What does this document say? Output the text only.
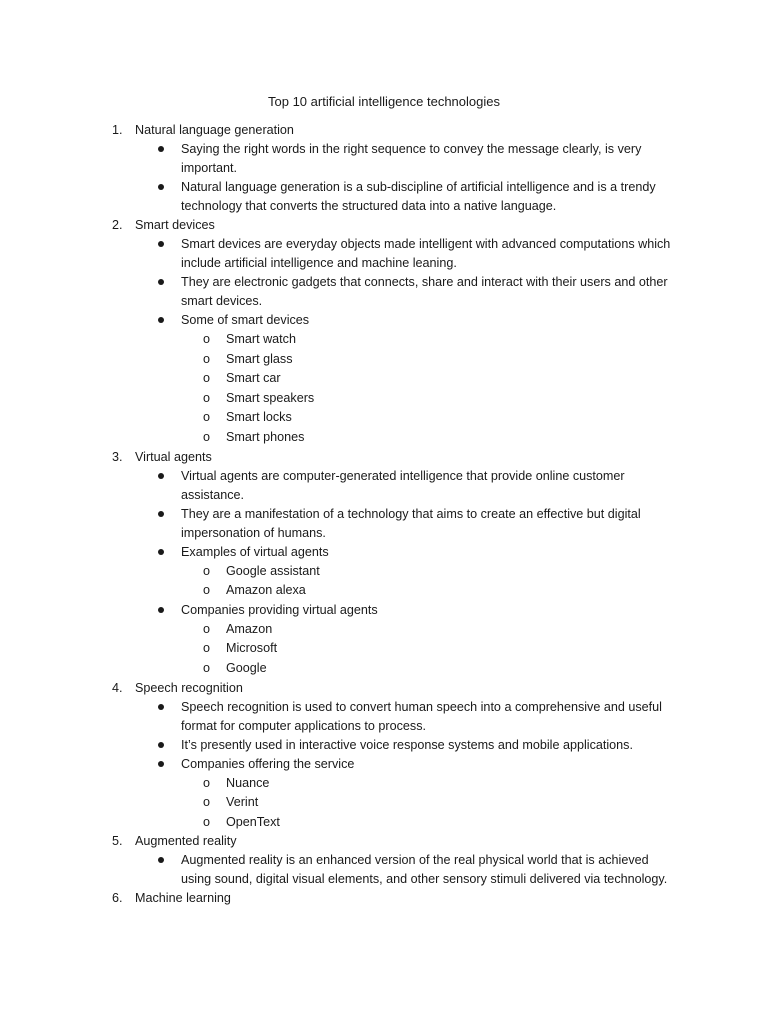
Top 10 artificial intelligence technologies
1. Natural language generation
Saying the right words in the right sequence to convey the message clearly, is very important.
Natural language generation is a sub-discipline of artificial intelligence and is a trendy technology that converts the structured data into a native language.
2. Smart devices
Smart devices are everyday objects made intelligent with advanced computations which include artificial intelligence and machine leaning.
They are electronic gadgets that connects, share and interact with their users and other smart devices.
Some of smart devices
o Smart watch
o Smart glass
o Smart car
o Smart speakers
o Smart locks
o Smart phones
3. Virtual agents
Virtual agents are computer-generated intelligence that provide online customer assistance.
They are a manifestation of a technology that aims to create an effective but digital impersonation of humans.
Examples of virtual agents
o Google assistant
o Amazon alexa
Companies providing virtual agents
o Amazon
o Microsoft
o Google
4. Speech recognition
Speech recognition is used to convert human speech into a comprehensive and useful format for computer applications to process.
It’s presently used in interactive voice response systems and mobile applications.
Companies offering the service
o Nuance
o Verint
o OpenText
5. Augmented reality
Augmented reality is an enhanced version of the real physical world that is achieved using sound, digital visual elements, and other sensory stimuli delivered via technology.
6. Machine learning
